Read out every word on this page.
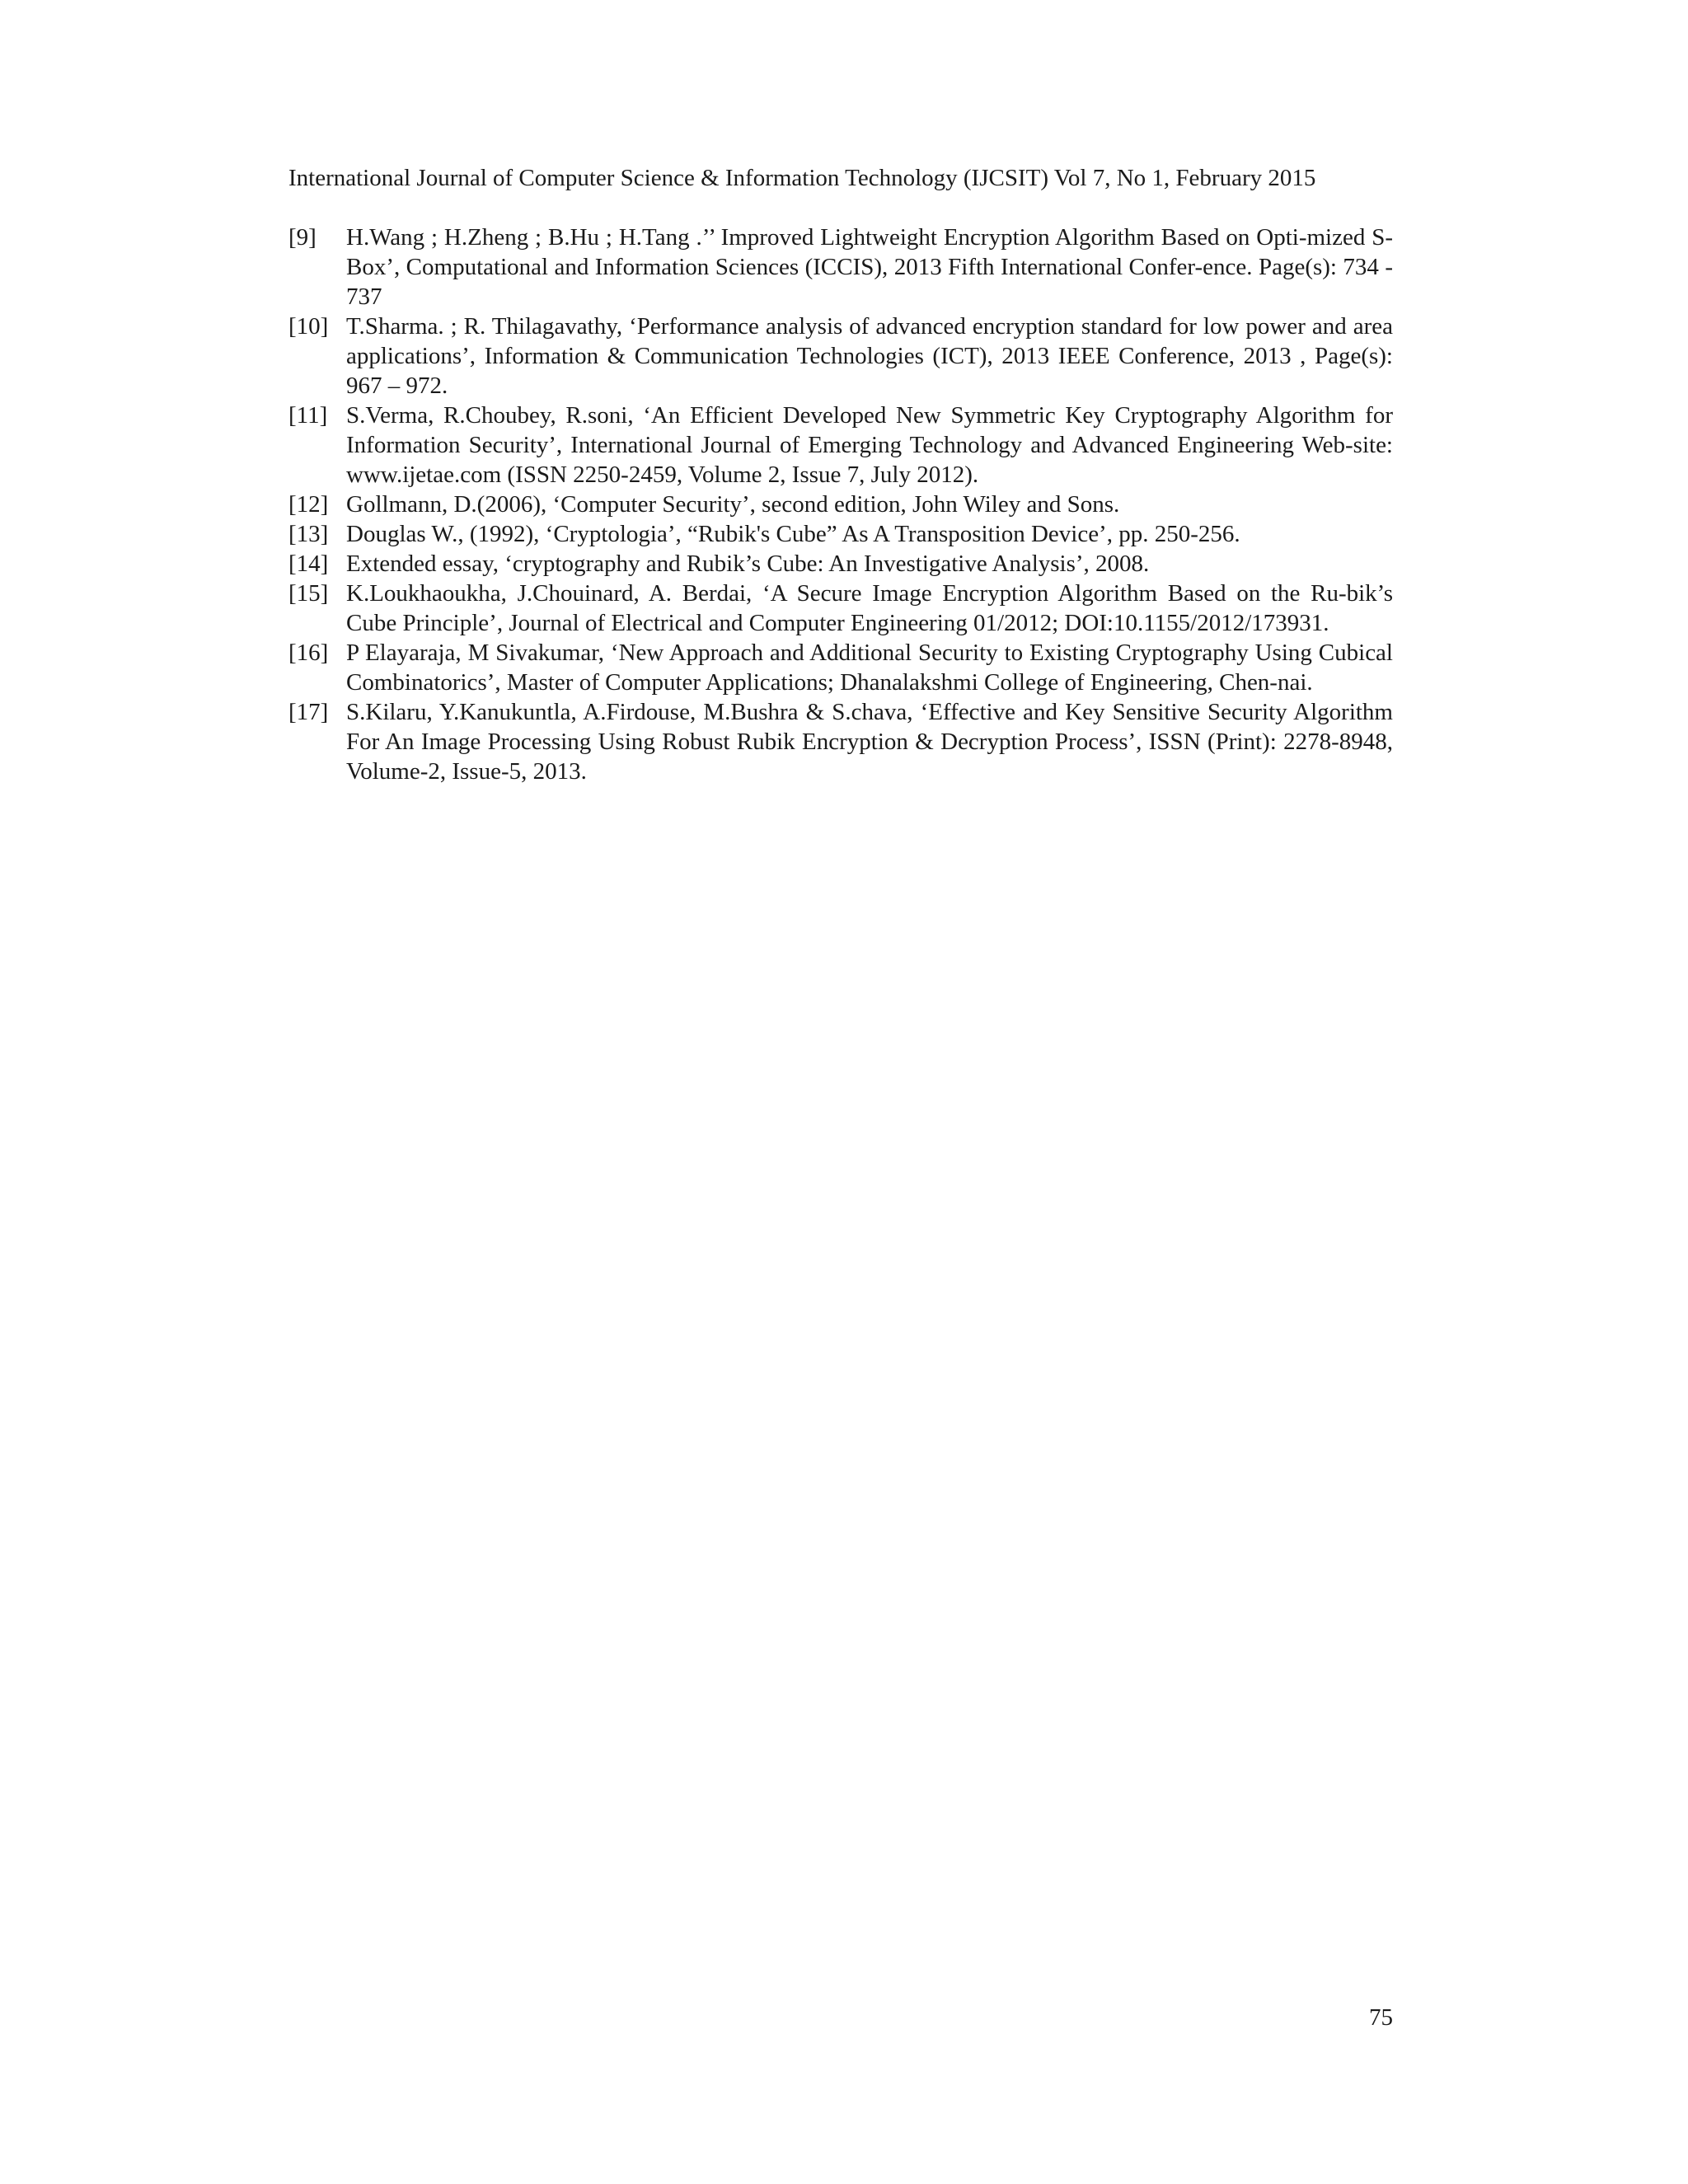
International Journal of Computer Science & Information Technology (IJCSIT) Vol 7, No 1, February 2015
[9]	H.Wang ; H.Zheng ; B.Hu ; H.Tang .’’ Improved Lightweight Encryption Algorithm Based on Opti-mized S-Box’, Computational and Information Sciences (ICCIS), 2013 Fifth International Confer-ence. Page(s): 734 - 737
[10] T.Sharma. ; R. Thilagavathy, ‘Performance analysis of advanced encryption standard for low power and area applications’, Information & Communication Technologies (ICT), 2013 IEEE Conference, 2013 , Page(s): 967 – 972.
[11] S.Verma, R.Choubey, R.soni, ‘An Efficient Developed New Symmetric Key Cryptography Algorithm for Information Security’, International Journal of Emerging Technology and Advanced Engineering Web-site: www.ijetae.com (ISSN 2250-2459, Volume 2, Issue 7, July 2012).
[12] Gollmann, D.(2006), ‘Computer Security’, second edition, John Wiley and Sons.
[13] Douglas W., (1992), ‘Cryptologia’, “Rubik's Cube” As A Transposition Device’, pp. 250-256.
[14] Extended essay, ‘cryptography and Rubik’s Cube: An Investigative Analysis’, 2008.
[15] K.Loukhaoukha, J.Chouinard, A. Berdai, ‘A Secure Image Encryption Algorithm Based on the Ru-bik’s Cube Principle’, Journal of Electrical and Computer Engineering 01/2012; DOI:10.1155/2012/173931.
[16] P Elayaraja, M Sivakumar, ‘New Approach and Additional Security to Existing Cryptography Using Cubical Combinatorics’, Master of Computer Applications; Dhanalakshmi College of Engineering, Chen-nai.
[17] S.Kilaru, Y.Kanukuntla, A.Firdouse, M.Bushra & S.chava, ‘Effective and Key Sensitive Security Algorithm For An Image Processing Using Robust Rubik Encryption & Decryption Process’, ISSN (Print): 2278-8948, Volume-2, Issue-5, 2013.
75
